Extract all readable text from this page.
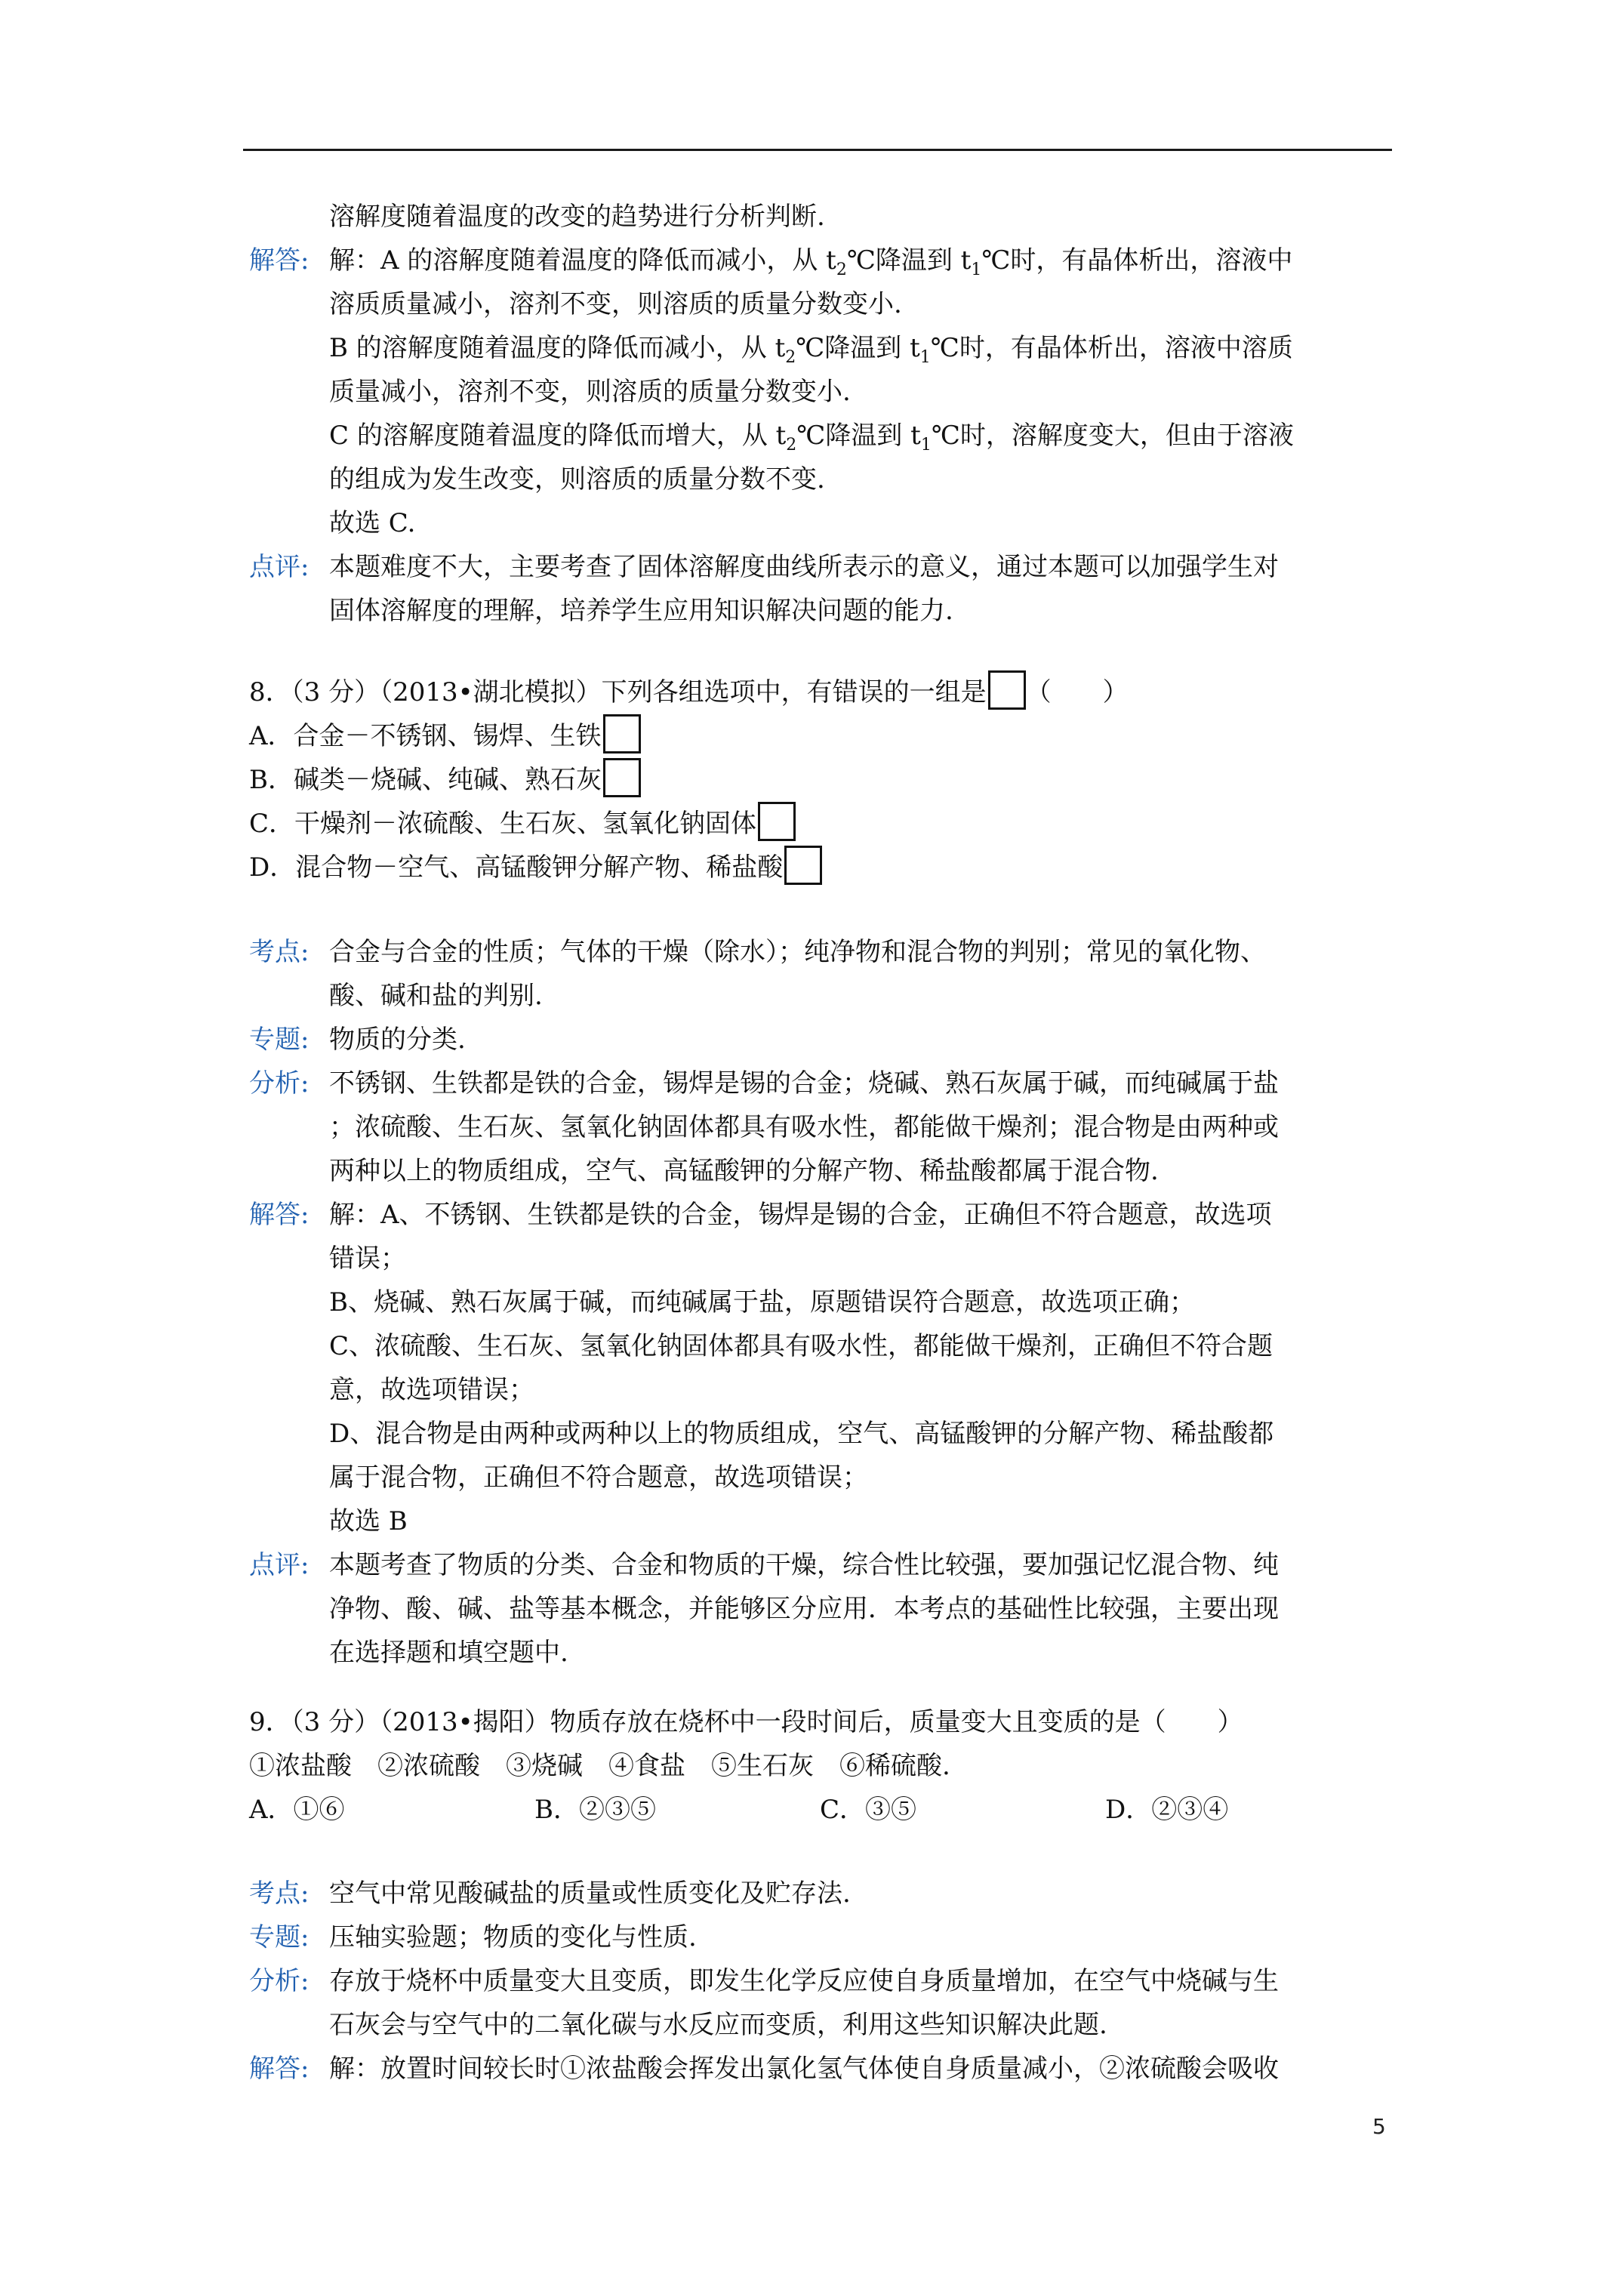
溶解度随着温度的改变的趋势进行分析判断.
解答: 解：A 的溶解度随着温度的降低而减小，从 $t_2℃$降温到 $t_1℃$时，有晶体析出，溶液中
溶质质量减小，溶剂不变，则溶质的质量分数变小.
B 的溶解度随着温度的降低而减小，从 $t_2℃$降温到 $t_1℃$时，有晶体析出，溶液中溶质
质量减小，溶剂不变，则溶质的质量分数变小.
C 的溶解度随着温度的降低而增大，从 $t_2℃$降温到 $t_1℃$时，溶解度变大，但由于溶液
的组成为发生改变，则溶质的质量分数不变.
故选 C.
点评: 本题难度不大，主要考查了固体溶解度曲线所表示的意义，通过本题可以加强学生对
固体溶解度的理解，培养学生应用知识解决问题的能力.
8．（3 分）（2013•湖北模拟）下列各组选项中，有错误的一组是 （　　）
A．合金－不锈钢、锡焊、生铁
B．碱类－烧碱、纯碱、熟石灰
C．干燥剂－浓硫酸、生石灰、氢氧化钠固体
D．混合物－空气、高锰酸钾分解产物、稀盐酸
考点: 合金与合金的性质；气体的干燥（除水）；纯净物和混合物的判别；常见的氧化物、
酸、碱和盐的判别.
专题: 物质的分类.
分析: 不锈钢、生铁都是铁的合金，锡焊是锡的合金；烧碱、熟石灰属于碱，而纯碱属于盐
；浓硫酸、生石灰、氢氧化钠固体都具有吸水性，都能做干燥剂；混合物是由两种或
两种以上的物质组成，空气、高锰酸钾的分解产物、稀盐酸都属于混合物.
解答: 解：A、不锈钢、生铁都是铁的合金，锡焊是锡的合金，正确但不符合题意，故选项
错误；
B、烧碱、熟石灰属于碱，而纯碱属于盐，原题错误符合题意，故选项正确；
C、浓硫酸、生石灰、氢氧化钠固体都具有吸水性，都能做干燥剂，正确但不符合题
意，故选项错误；
D、混合物是由两种或两种以上的物质组成，空气、高锰酸钾的分解产物、稀盐酸都
属于混合物，正确但不符合题意，故选项错误；
故选 B
点评: 本题考查了物质的分类、合金和物质的干燥，综合性比较强，要加强记忆混合物、纯
净物、酸、碱、盐等基本概念，并能够区分应用．本考点的基础性比较强，主要出现
在选择题和填空题中.
9．（3 分）（2013•揭阳）物质存放在烧杯中一段时间后，质量变大且变质的是（　　）
①浓盐酸　②浓硫酸　③烧碱　④食盐　⑤生石灰　⑥稀硫酸.
A．①⑥	B．②③⑤	C．③⑤	D．②③④
考点: 空气中常见酸碱盐的质量或性质变化及贮存法.
专题: 压轴实验题；物质的变化与性质.
分析: 存放于烧杯中质量变大且变质，即发生化学反应使自身质量增加，在空气中烧碱与生
石灰会与空气中的二氧化碳与水反应而变质，利用这些知识解决此题.
解答: 解：放置时间较长时①浓盐酸会挥发出氯化氢气体使自身质量减小，②浓硫酸会吸收
5
